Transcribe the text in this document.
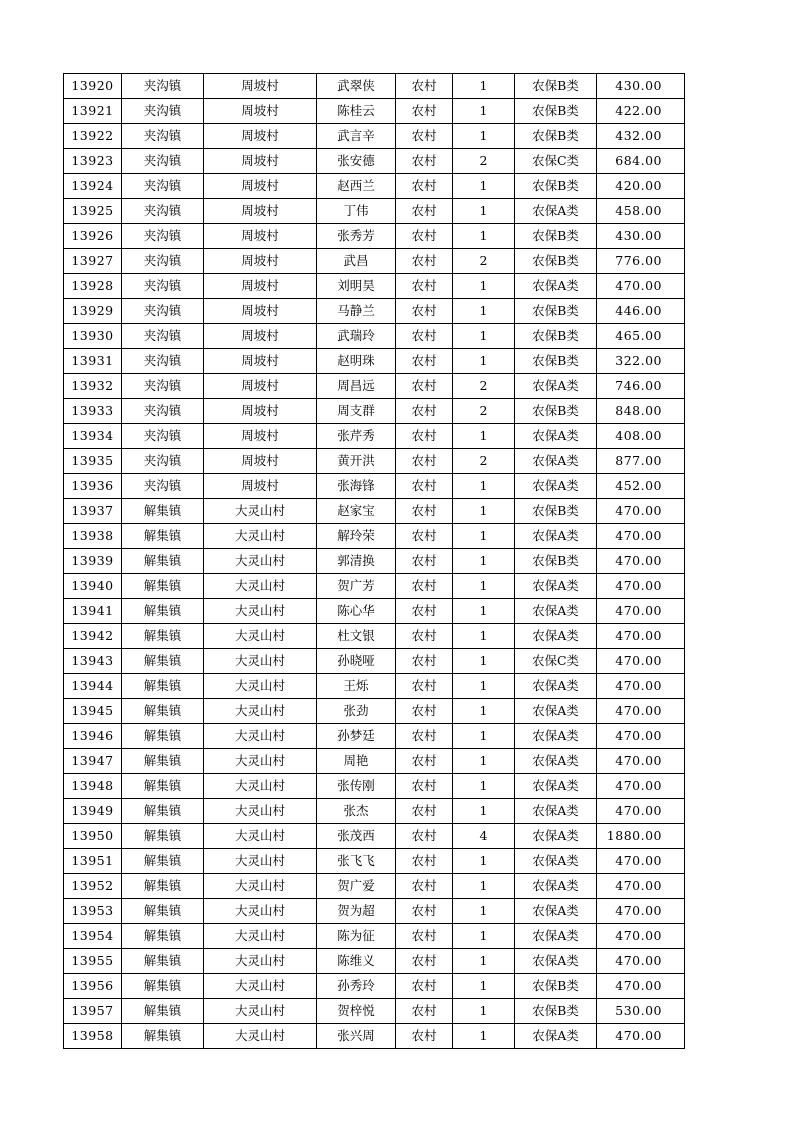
13920	夹沟镇	周坡村	武翠侠	农村	1	农保B类	430.00
13921	夹沟镇	周坡村	陈桂云	农村	1	农保B类	422.00
13922	夹沟镇	周坡村	武言辛	农村	1	农保B类	432.00
13923	夹沟镇	周坡村	张安德	农村	2	农保C类	684.00
13924	夹沟镇	周坡村	赵西兰	农村	1	农保B类	420.00
13925	夹沟镇	周坡村	丁伟	农村	1	农保A类	458.00
13926	夹沟镇	周坡村	张秀芳	农村	1	农保B类	430.00
13927	夹沟镇	周坡村	武昌	农村	2	农保B类	776.00
13928	夹沟镇	周坡村	刘明昊	农村	1	农保A类	470.00
13929	夹沟镇	周坡村	马静兰	农村	1	农保B类	446.00
13930	夹沟镇	周坡村	武瑞玲	农村	1	农保B类	465.00
13931	夹沟镇	周坡村	赵明珠	农村	1	农保B类	322.00
13932	夹沟镇	周坡村	周昌远	农村	2	农保A类	746.00
13933	夹沟镇	周坡村	周支群	农村	2	农保B类	848.00
13934	夹沟镇	周坡村	张芹秀	农村	1	农保A类	408.00
13935	夹沟镇	周坡村	黄开洪	农村	2	农保A类	877.00
13936	夹沟镇	周坡村	张海锋	农村	1	农保A类	452.00
13937	解集镇	大灵山村	赵家宝	农村	1	农保B类	470.00
13938	解集镇	大灵山村	解玲荣	农村	1	农保A类	470.00
13939	解集镇	大灵山村	郭清换	农村	1	农保B类	470.00
13940	解集镇	大灵山村	贺广芳	农村	1	农保A类	470.00
13941	解集镇	大灵山村	陈心华	农村	1	农保A类	470.00
13942	解集镇	大灵山村	杜文银	农村	1	农保A类	470.00
13943	解集镇	大灵山村	孙晓哑	农村	1	农保C类	470.00
13944	解集镇	大灵山村	王烁	农村	1	农保A类	470.00
13945	解集镇	大灵山村	张劲	农村	1	农保A类	470.00
13946	解集镇	大灵山村	孙梦廷	农村	1	农保A类	470.00
13947	解集镇	大灵山村	周艳	农村	1	农保A类	470.00
13948	解集镇	大灵山村	张传刚	农村	1	农保A类	470.00
13949	解集镇	大灵山村	张杰	农村	1	农保A类	470.00
13950	解集镇	大灵山村	张茂西	农村	4	农保A类	1880.00
13951	解集镇	大灵山村	张飞飞	农村	1	农保A类	470.00
13952	解集镇	大灵山村	贺广爱	农村	1	农保A类	470.00
13953	解集镇	大灵山村	贺为超	农村	1	农保A类	470.00
13954	解集镇	大灵山村	陈为征	农村	1	农保A类	470.00
13955	解集镇	大灵山村	陈维义	农村	1	农保A类	470.00
13956	解集镇	大灵山村	孙秀玲	农村	1	农保B类	470.00
13957	解集镇	大灵山村	贺梓悦	农村	1	农保B类	530.00
13958	解集镇	大灵山村	张兴周	农村	1	农保A类	470.00
